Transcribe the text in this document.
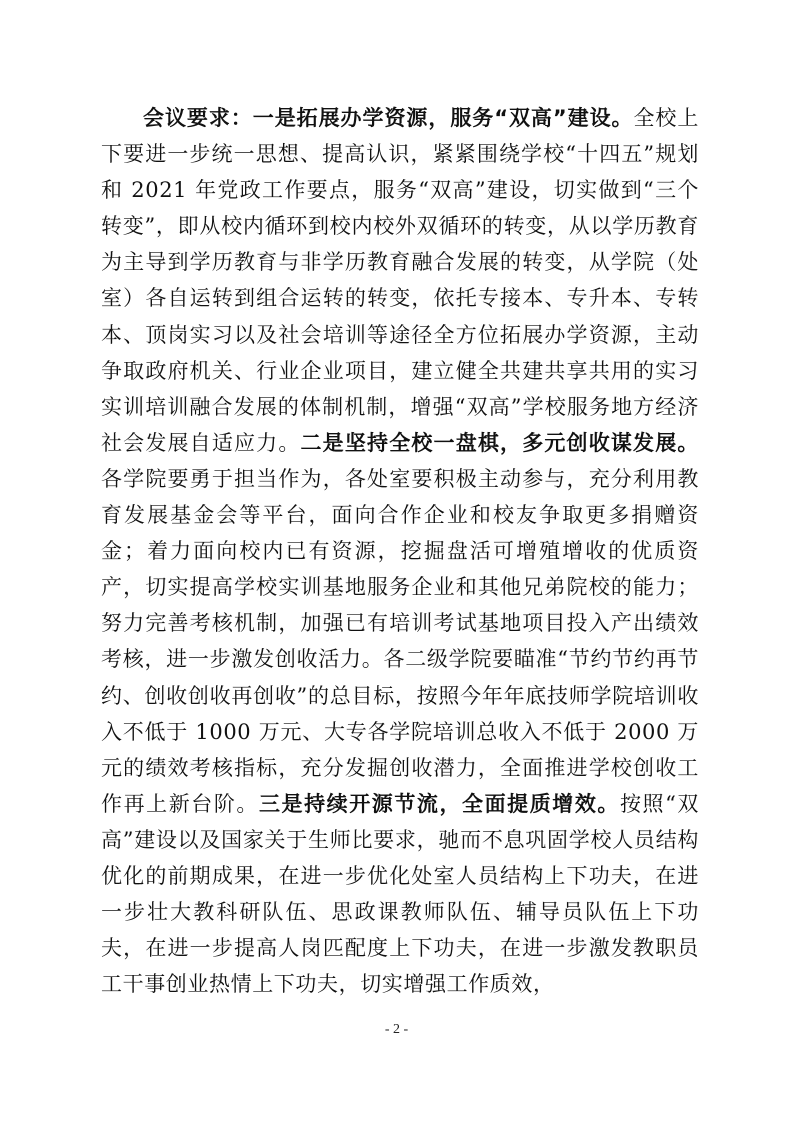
会议要求：一是拓展办学资源，服务“双高”建设。全校上下要进一步统一思想、提高认识，紧紧围绕学校“十四五”规划和 2021 年党政工作要点，服务“双高”建设，切实做到“三个转变”，即从校内循环到校内校外双循环的转变，从以学历教育为主导到学历教育与非学历教育融合发展的转变，从学院（处室）各自运转到组合运转的转变，依托专接本、专升本、专转本、顶岗实习以及社会培训等途径全方位拓展办学资源，主动争取政府机关、行业企业项目，建立健全共建共享共用的实习实训培训融合发展的体制机制，增强“双高”学校服务地方经济社会发展自适应力。二是坚持全校一盘棋，多元创收谋发展。各学院要勇于担当作为，各处室要积极主动参与，充分利用教育发展基金会等平台，面向合作企业和校友争取更多捐赠资金；着力面向校内已有资源，挖掘盘活可增殖增收的优质资产，切实提高学校实训基地服务企业和其他兄弟院校的能力；努力完善考核机制，加强已有培训考试基地项目投入产出绩效考核，进一步激发创收活力。各二级学院要瞄准“节约节约再节约、创收创收再创收”的总目标，按照今年年底技师学院培训收入不低于 1000 万元、大专各学院培训总收入不低于 2000 万元的绩效考核指标，充分发掘创收潜力，全面推进学校创收工作再上新台阶。三是持续开源节流，全面提质增效。按照“双高”建设以及国家关于生师比要求，驰而不息巩固学校人员结构优化的前期成果，在进一步优化处室人员结构上下功夫，在进一步壮大教科研队伍、思政课教师队伍、辅导员队伍上下功夫，在进一步提高人岗匹配度上下功夫，在进一步激发教职员工干事创业热情上下功夫，切实增强工作质效，

- 2 -
